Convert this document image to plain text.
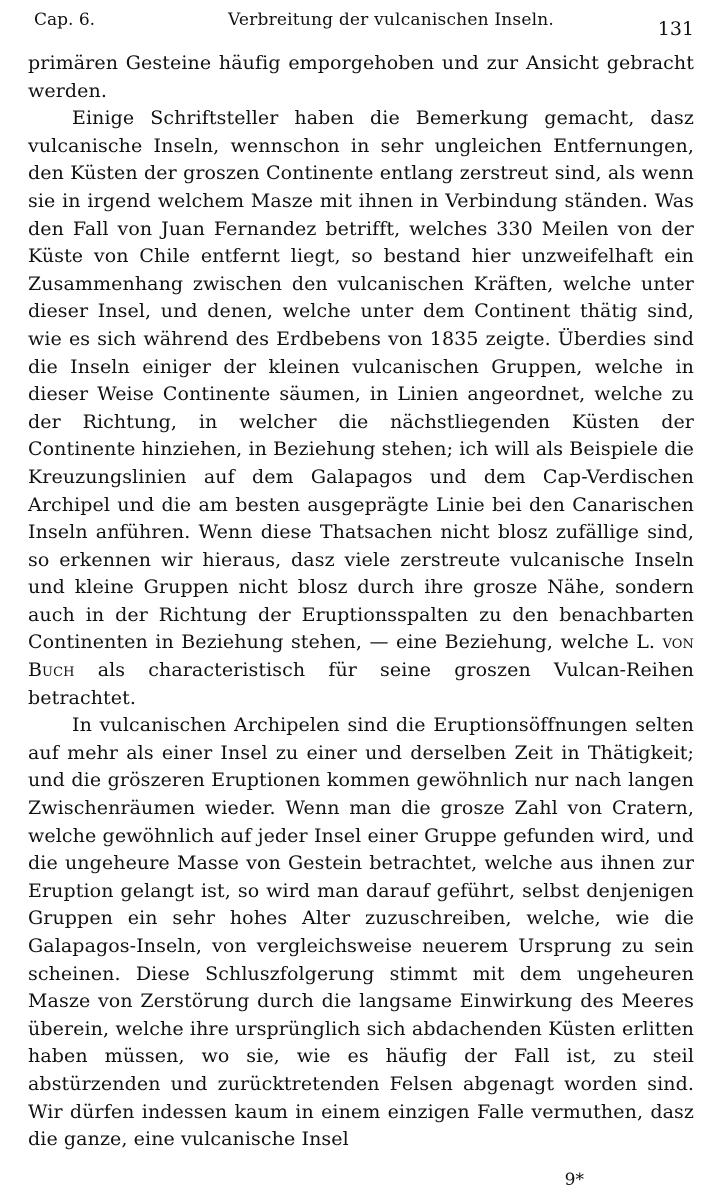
Cap. 6.	Verbreitung der vulcanischen Inseln.	131

primären Gesteine häufig emporgehoben und zur Ansicht gebracht werden.

Einige Schriftsteller haben die Bemerkung gemacht, dasz vulcanische Inseln, wennschon in sehr ungleichen Entfernungen, den Küsten der groszen Continente entlang zerstreut sind, als wenn sie in irgend welchem Masze mit ihnen in Verbindung ständen. Was den Fall von Juan Fernandez betrifft, welches 330 Meilen von der Küste von Chile entfernt liegt, so bestand hier unzweifelhaft ein Zusammenhang zwischen den vulcanischen Kräften, welche unter dieser Insel, und denen, welche unter dem Continent thätig sind, wie es sich während des Erdbebens von 1835 zeigte. Überdies sind die Inseln einiger der kleinen vulcanischen Gruppen, welche in dieser Weise Continente säumen, in Linien angeordnet, welche zu der Richtung, in welcher die nächstliegenden Küsten der Continente hinziehen, in Beziehung stehen; ich will als Beispiele die Kreuzungslinien auf dem Galapagos und dem Cap-Verdischen Archipel und die am besten ausgeprägte Linie bei den Canarischen Inseln anführen. Wenn diese Thatsachen nicht blosz zufällige sind, so erkennen wir hieraus, dasz viele zerstreute vulcanische Inseln und kleine Gruppen nicht blosz durch ihre grosze Nähe, sondern auch in der Richtung der Eruptionsspalten zu den benachbarten Continenten in Beziehung stehen, — eine Beziehung, welche L. von Buch als characteristisch für seine groszen Vulcan-Reihen betrachtet.

In vulcanischen Archipelen sind die Eruptionsöffnungen selten auf mehr als einer Insel zu einer und derselben Zeit in Thätigkeit; und die gröszeren Eruptionen kommen gewöhnlich nur nach langen Zwischenräumen wieder. Wenn man die grosze Zahl von Cratern, welche gewöhnlich auf jeder Insel einer Gruppe gefunden wird, und die ungeheure Masse von Gestein betrachtet, welche aus ihnen zur Eruption gelangt ist, so wird man darauf geführt, selbst denjenigen Gruppen ein sehr hohes Alter zuzuschreiben, welche, wie die Galapagos-Inseln, von vergleichsweise neuerem Ursprung zu sein scheinen. Diese Schluszfolgerung stimmt mit dem ungeheuren Masze von Zerstörung durch die langsame Einwirkung des Meeres überein, welche ihre ursprünglich sich abdachenden Küsten erlitten haben müssen, wo sie, wie es häufig der Fall ist, zu steil abstürzenden und zurücktretenden Felsen abgenagt worden sind. Wir dürfen indessen kaum in einem einzigen Falle vermuthen, dasz die ganze, eine vulcanische Insel

9*
